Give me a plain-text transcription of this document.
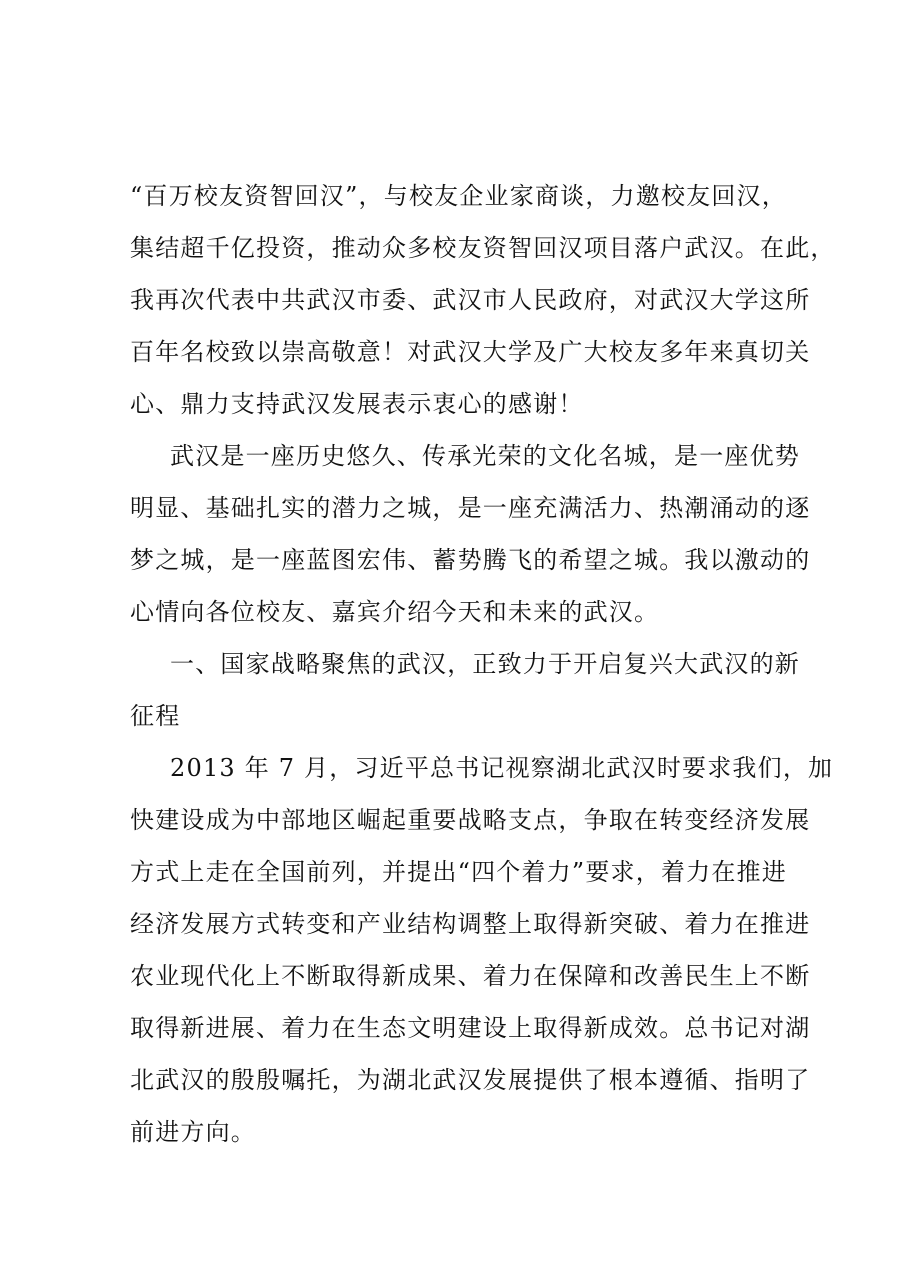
“百万校友资智回汉”，与校友企业家商谈，力邀校友回汉，
集结超千亿投资，推动众多校友资智回汉项目落户武汉。在此，
我再次代表中共武汉市委、武汉市人民政府，对武汉大学这所
百年名校致以崇高敬意！对武汉大学及广大校友多年来真切关
心、鼎力支持武汉发展表示衷心的感谢！
武汉是一座历史悠久、传承光荣的文化名城，是一座优势
明显、基础扎实的潜力之城，是一座充满活力、热潮涌动的逐
梦之城，是一座蓝图宏伟、蓄势腾飞的希望之城。我以激动的
心情向各位校友、嘉宾介绍今天和未来的武汉。
一、国家战略聚焦的武汉，正致力于开启复兴大武汉的新
征程
2013 年 7 月，习近平总书记视察湖北武汉时要求我们，加
快建设成为中部地区崛起重要战略支点，争取在转变经济发展
方式上走在全国前列，并提出“四个着力”要求，着力在推进
经济发展方式转变和产业结构调整上取得新突破、着力在推进
农业现代化上不断取得新成果、着力在保障和改善民生上不断
取得新进展、着力在生态文明建设上取得新成效。总书记对湖
北武汉的殷殷嘱托，为湖北武汉发展提供了根本遵循、指明了
前进方向。
